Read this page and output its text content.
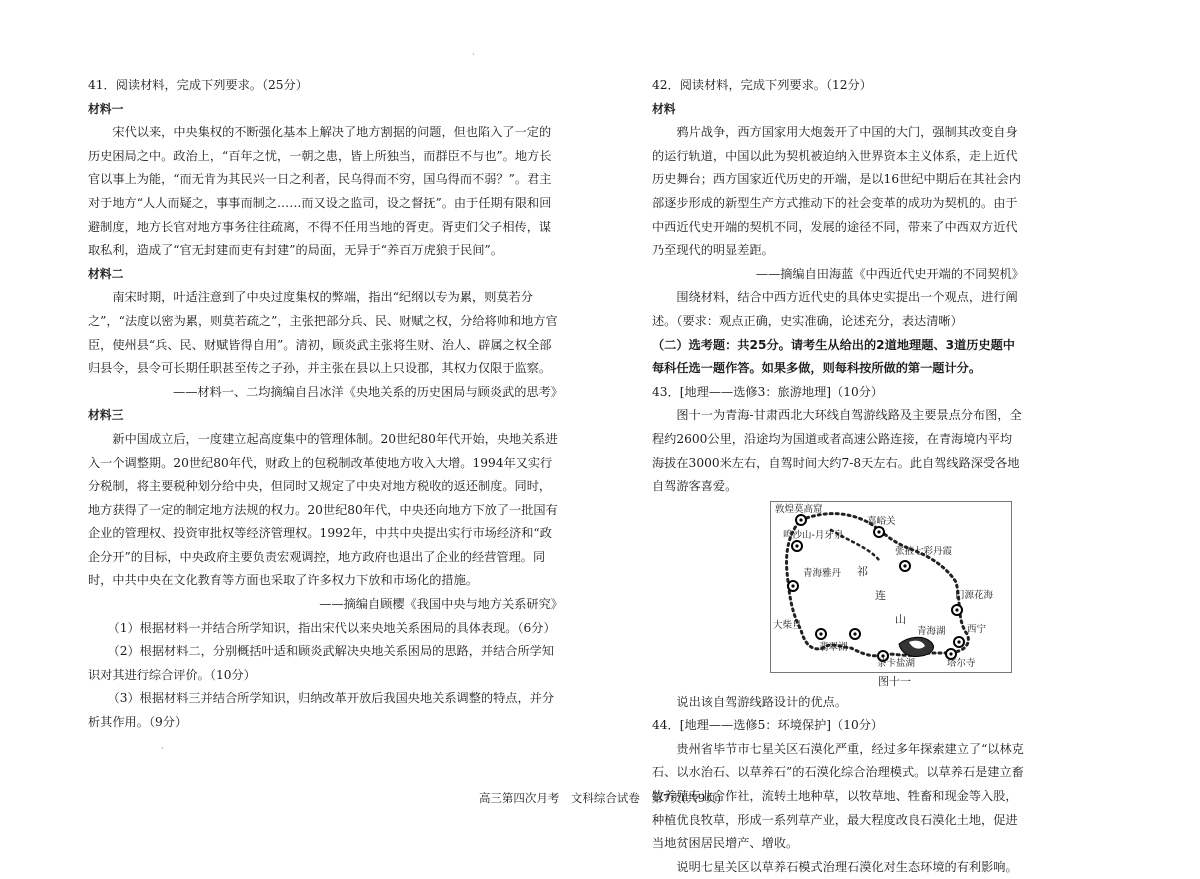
·
·

41．阅读材料，完成下列要求。（25分）

材料一

宋代以来，中央集权的不断强化基本上解决了地方割据的问题，但也陷入了一定的历史困局之中。政治上，“百年之忧，一朝之患，皆上所独当，而群臣不与也”。地方长官以事上为能，“而无肯为其民兴一日之利者，民乌得而不穷，国乌得而不弱？”。君主对于地方“人人而疑之，事事而制之……而又设之监司，设之督抚”。由于任期有限和回避制度，地方长官对地方事务往往疏离，不得不任用当地的胥吏。胥吏们父子相传，谋取私利，造成了“官无封建而吏有封建”的局面，无异于“养百万虎狼于民间”。

材料二

南宋时期，叶适注意到了中央过度集权的弊端，指出“纪纲以专为累，则莫若分之”，“法度以密为累，则莫若疏之”，主张把部分兵、民、财赋之权，分给将帅和地方官臣，使州县“兵、民、财赋皆得自用”。清初，顾炎武主张将生财、治人、辟属之权全部归县令，县令可长期任职甚至传之子孙，并主张在县以上只设郡，其权力仅限于监察。

——材料一、二均摘编自吕冰洋《央地关系的历史困局与顾炎武的思考》

材料三

新中国成立后，一度建立起高度集中的管理体制。20世纪80年代开始，央地关系进入一个调整期。20世纪80年代，财政上的包税制改革使地方收入大增。1994年又实行分税制，将主要税种划分给中央，但同时又规定了中央对地方税收的返还制度。同时，地方获得了一定的制定地方法规的权力。20世纪80年代，中央还向地方下放了一批国有企业的管理权、投资审批权等经济管理权。1992年，中共中央提出实行市场经济和“政企分开”的目标，中央政府主要负责宏观调控，地方政府也退出了企业的经营管理。同时，中共中央在文化教育等方面也采取了许多权力下放和市场化的措施。

——摘编自顾樱《我国中央与地方关系研究》

（1）根据材料一并结合所学知识，指出宋代以来央地关系困局的具体表现。（6分）

（2）根据材料二，分别概括叶适和顾炎武解决央地关系困局的思路，并结合所学知识对其进行综合评价。（10分）

（3）根据材料三并结合所学知识，归纳改革开放后我国央地关系调整的特点，并分析其作用。（9分）

42．阅读材料，完成下列要求。（12分）

材料

鸦片战争，西方国家用大炮轰开了中国的大门，强制其改变自身的运行轨道，中国以此为契机被迫纳入世界资本主义体系，走上近代历史舞台；西方国家近代历史的开端，是以16世纪中期后在其社会内部逐步形成的新型生产方式推动下的社会变革的成功为契机的。由于中西近代史开端的契机不同，发展的途径不同，带来了中西双方近代乃至现代的明显差距。

——摘编自田海蓝《中西近代史开端的不同契机》

围绕材料，结合中西方近代史的具体史实提出一个观点，进行阐述。（要求：观点正确，史实准确，论述充分，表达清晰）

（二）选考题：共25分。请考生从给出的2道地理题、3道历史题中每科任选一题作答。如果多做，则每科按所做的第一题计分。

43．[地理——选修3：旅游地理]（10分）

图十一为青海-甘肃西北大环线自驾游线路及主要景点分布图，全程约2600公里，沿途均为国道或者高速公路连接，在青海境内平均海拔在3000米左右，自驾时间大约7-8天左右。此自驾线路深受各地自驾游客喜爱。

敦煌莫高窟
嘉峪关
鸣沙山-月牙泉
张掖七彩丹霞
青海雅丹 祁
连
山
门源花海
大柴旦
青海湖 西宁
翡翠湖
茶卡盐湖	塔尔寺

图十一

说出该自驾游线路设计的优点。

44．[地理——选修5：环境保护]（10分）

贵州省毕节市七星关区石漠化严重，经过多年探索建立了“以林克石、以水治石、以草养石”的石漠化综合治理模式。以草养石是建立畜牧养殖专业合作社，流转土地种草，以牧草地、牲畜和现金等入股，种植优良牧草，形成一系列草产业，最大程度改良石漠化土地，促进当地贫困居民增产、增收。

说明七星关区以草养石模式治理石漠化对生态环境的有利影响。

高三第四次月考　文科综合试卷　第7页(共9页)
